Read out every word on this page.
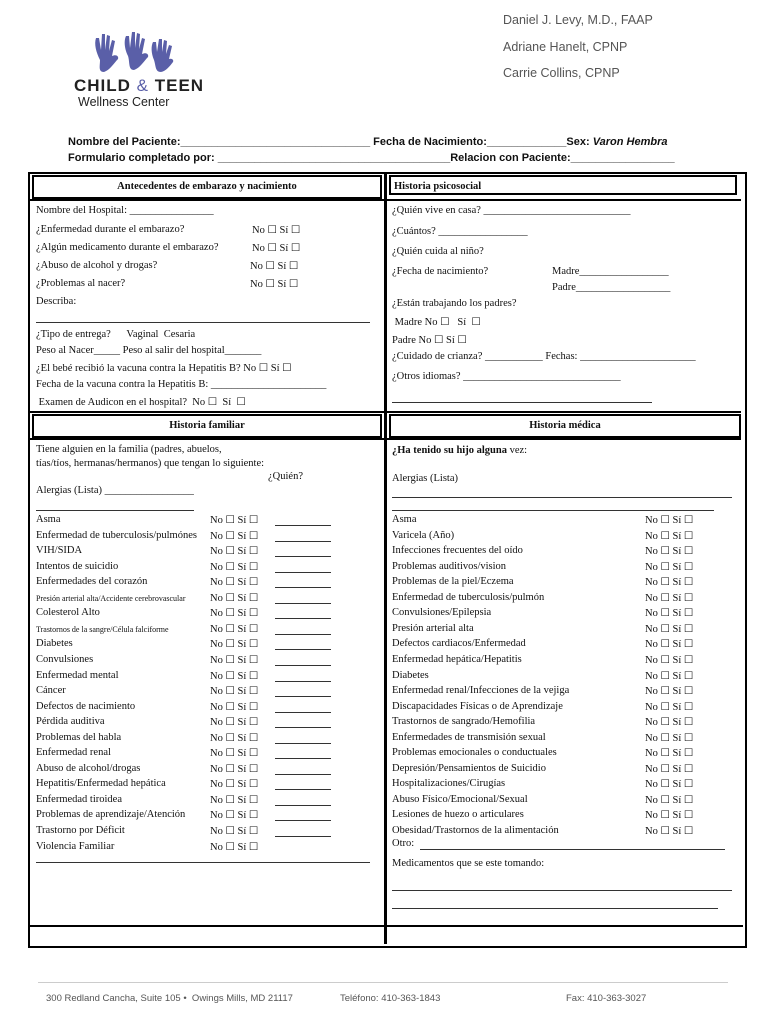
CHILD & TEEN
Wellness Center
Daniel J. Levy, M.D., FAAP
Adriane Hanelt, CPNP
Carrie Collins, CPNP
Nombre del Paciente:_______________________________ Fecha de Nacimiento:_____________Sex: Varon Hembra
Formulario completado por: ______________________________________Relacion con Paciente:_________________
Antecedentes de embarazo y nacimiento	Historia psicosocial
Historia familiar	Historia médica
Nombre del Hospital: ________________
¿Enfermedad durante el embarazo?	No ☐ Sí ☐
¿Algún medicamento durante el embarazo?	No ☐ Sí ☐
¿Abuso de alcohol y drogas?	No ☐ Sí ☐
¿Problemas al nacer?	No ☐ Sí ☐
Describa:
¿Tipo de entrega?      Vaginal  Cesaria
Peso al Nacer_____ Peso al salir del hospital_______
¿El bebé recibió la vacuna contra la Hepatitis B? No ☐ Sí ☐
Fecha de la vacuna contra la Hepatitis B: ______________________
Examen de Audicon en el hospital?  No ☐  Sí  ☐
¿Quién vive en casa? ____________________________
¿Cuántos? _________________
¿Quién cuida al niño?
¿Fecha de nacimiento?	Madre_________________
Padre__________________
¿Están trabajando los padres?
Madre No ☐   Sí  ☐
Padre No ☐ Sí ☐
¿Cuidado de crianza? ___________ Fechas: ______________________
¿Otros idiomas? ______________________________
Tiene alguien en la familia (padres, abuelos,
tías/tíos, hermanas/hermanos) que tengan lo siguiente:
¿Quién?
Alergias (Lista) _________________
Asma	No ☐ Sí ☐
Enfermedad de tuberculosis/pulmónes No ☐ Sí ☐
VIH/SIDA	No ☐ Sí ☐
Intentos de suicidio	No ☐ Sí ☐
Enfermedades del corazón	No ☐ Sí ☐
Presión arterial alta/Accidente cerebrovascular No ☐ Sí ☐
Colesterol Alto	No ☐ Sí ☐
Trastornos de la sangre/Célula falciforme	No ☐ Sí ☐
Diabetes	No ☐ Sí ☐
Convulsiones	No ☐ Sí ☐
Enfermedad mental	No ☐ Sí ☐
Cáncer	No ☐ Sí ☐
Defectos de nacimiento	No ☐ Sí ☐
Pérdida auditiva	No ☐ Sí ☐
Problemas del habla	No ☐ Sí ☐
Enfermedad renal	No ☐ Sí ☐
Abuso de alcohol/drogas	No ☐ Sí ☐
Hepatitis/Enfermedad hepática	No ☐ Sí ☐
Enfermedad tiroidea	No ☐ Sí ☐
Problemas de aprendizaje/Atención No ☐ Sí ☐
Trastorno por Déficit	No ☐ Sí ☐
Violencia Familiar	No ☐ Sí ☐
¿Ha tenido su hijo alguna vez:
Alergias (Lista)
Asma	No ☐ Sí ☐
Varicela (Año)	No ☐ Sí ☐
Infecciones frecuentes del oído	No ☐ Sí ☐
Problemas auditivos/vision	No ☐ Sí ☐
Problemas de la piel/Eczema	No ☐ Sí ☐
Enfermedad de tuberculosis/pulmón	No ☐ Sí ☐
Convulsiones/Epilepsia	No ☐ Sí ☐
Presión arterial alta	No ☐ Sí ☐
Defectos cardiacos/Enfermedad	No ☐ Sí ☐
Enfermedad hepática/Hepatitis	No ☐ Sí ☐
Diabetes	No ☐ Sí ☐
Enfermedad renal/Infecciones de la vejiga	No ☐ Sí ☐
Discapacidades Físicas o de Aprendizaje	No ☐ Sí ☐
Trastornos de sangrado/Hemofilia	No ☐ Sí ☐
Enfermedades de transmisión sexual	No ☐ Sí ☐
Problemas emocionales o conductuales	No ☐ Sí ☐
Depresión/Pensamientos de Suicidio	No ☐ Sí ☐
Hospitalizaciones/Cirugías	No ☐ Sí ☐
Abuso Físico/Emocional/Sexual	No ☐ Sí ☐
Lesiones de huezo o articulares	No ☐ Sí ☐
Obesidad/Trastornos de la alimentación	No ☐ Sí ☐
Otro:
Medicamentos que se este tomando:
300 Redland Cancha, Suite 105 •  Owings Mills, MD 21117	Teléfono: 410-363-1843	Fax: 410-363-3027
